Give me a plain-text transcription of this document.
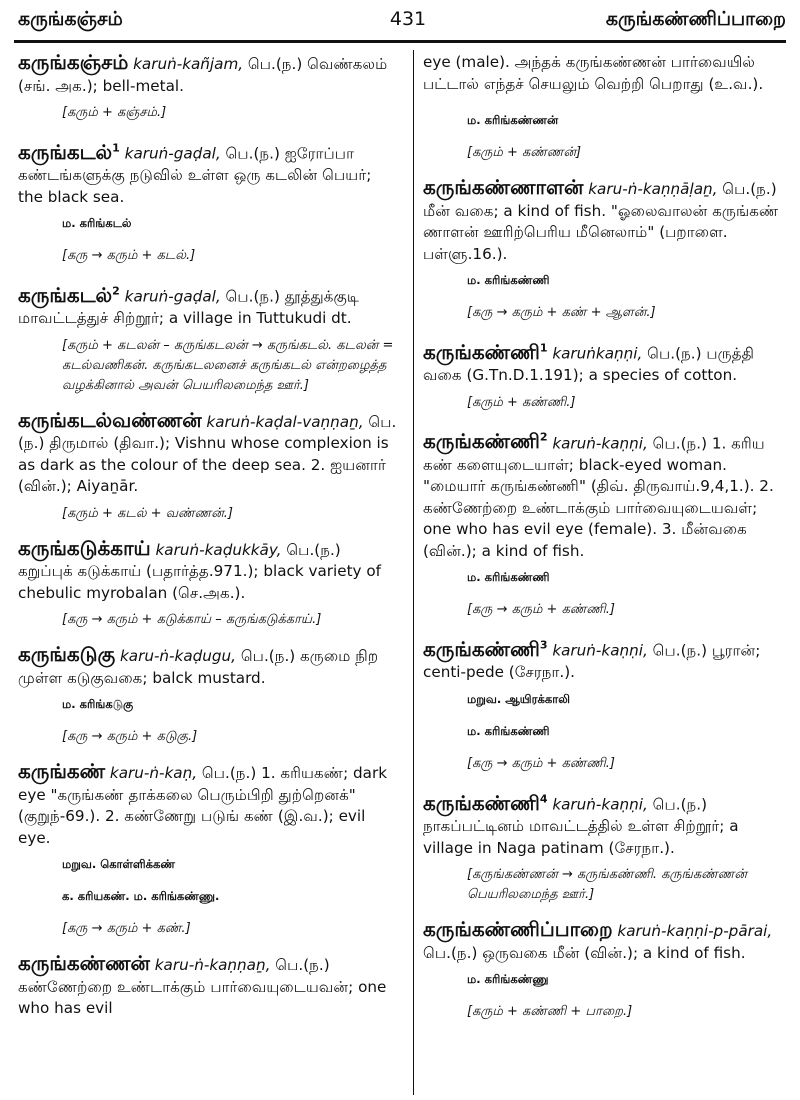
கருங்கஞ்சம்	431	கருங்கண்ணிப்பாறை
கருங்கஞ்சம் karuṅ-kañjam, பெ.(ந.) வெண்கலம் (சங். அக.); bell-metal.
[கரும் + கஞ்சம்.]
கருங்கடல்$^1$ karuṅ-gaḍal, பெ.(ந.) ஐரோப்பா கண்டங்களுக்கு நடுவில் உள்ள ஒரு கடலின் பெயர்; the black sea.
ம. கரிங்கடல்
[கரு → கரும் + கடல்.]
கருங்கடல்$^2$ karuṅ-gaḍal, பெ.(ந.) தூத்துக்குடி மாவட்டத்துச் சிற்றூர்; a village in Tuttukudi dt.
[கரும் + கடலன் – கருங்கடலன் → கருங்கடல். கடலன் = கடல்வணிகன். கருங்கடலனைச் கருங்கடல் என்றழைத்த வழக்கினால் அவன் பெயரிலமைந்த ஊர்.]
கருங்கடல்வண்ணன் karuṅ-kaḍal-vaṇṇaṉ, பெ.(ந.) திருமால் (திவா.); Vishnu whose complexion is as dark as the colour of the deep sea. 2. ஐயனார் (வின்.); Aiyaṉār.
[கரும் + கடல் + வண்ணன்.]
கருங்கடுக்காய் karuṅ-kaḍukkāy, பெ.(ந.) கறுப்புக் கடுக்காய் (பதார்த்த.971.); black variety of chebulic myrobalan (செ.அக.).
[கரு → கரும் + கடுக்காய் – கருங்கடுக்காய்.]
கருங்கடுகு karu-ṅ-kaḍugu, பெ.(ந.) கருமை நிற முள்ள கடுகுவகை; balck mustard.
ம. கரிங்கடுகு
[கரு → கரும் + கடுகு.]
கருங்கண் karu-ṅ-kaṇ, பெ.(ந.) 1. கரியகண்; dark eye "கருங்கண் தாக்கலை பெரும்பிறி துற்றெனக்" (குறுந்-69.). 2. கண்ணேறு படுங் கண் (இ.வ.); evil eye.
மறுவ. கொள்ளிக்கண்
க. கரியகண். ம. கரிங்கண்ணு.
[கரு → கரும் + கண்.]
கருங்கண்ணன் karu-ṅ-kaṇṇaṉ, பெ.(ந.) கண்ணேற்றை உண்டாக்கும் பார்வையுடையவன்; one who has evil
eye (male). அந்தக் கருங்கண்ணன் பார்வையில் பட்டால் எந்தச் செயலும் வெற்றி பெறாது (உ.வ.).
ம. கரிங்கண்ணன்
[கரும் + கண்ணன்]
கருங்கண்ணாளன் karu-ṅ-kaṇṇāḷaṉ, பெ.(ந.) மீன் வகை; a kind of fish. "ஓலைவாலன் கருங்கண் ணாளன் ஊரிற்பெரிய மீனெலாம்" (பறாளை. பள்ளு.16.).
ம. கரிங்கண்ணி
[கரு → கரும் + கண் + ஆளன்.]
கருங்கண்ணி$^1$ karuṅkaṇṇi, பெ.(ந.) பருத்தி வகை (G.Tn.D.1.191); a species of cotton.
[கரும் + கண்ணி.]
கருங்கண்ணி$^2$ karuṅ-kaṇṇi, பெ.(ந.) 1. கரிய கண் களையுடையாள்; black-eyed woman. "மையார் கருங்கண்ணி" (திவ். திருவாய்.9,4,1.). 2. கண்ணேற்றை உண்டாக்கும் பார்வையுடையவள்; one who has evil eye (female). 3. மீன்வகை (வின்.); a kind of fish.
ம. கரிங்கண்ணி
[கரு → கரும் + கண்ணி.]
கருங்கண்ணி$^3$ karuṅ-kaṇṇi, பெ.(ந.) பூரான்; centi-pede (சேரநா.).
மறுவ. ஆயிரக்காலி
ம. கரிங்கண்ணி
[கரு → கரும் + கண்ணி.]
கருங்கண்ணி$^4$ karuṅ-kaṇṇi, பெ.(ந.) நாகப்பட்டினம் மாவட்டத்தில் உள்ள சிற்றூர்; a village in Naga patinam (சேரநா.).
[கருங்கண்ணன் → கருங்கண்ணி. கருங்கண்ணன் பெயரிலமைந்த ஊர்.]
கருங்கண்ணிப்பாறை karuṅ-kaṇṇi-p-pārai, பெ.(ந.) ஒருவகை மீன் (வின்.); a kind of fish.
ம. கரிங்கண்ணு
[கரும் + கண்ணி + பாறை.]
